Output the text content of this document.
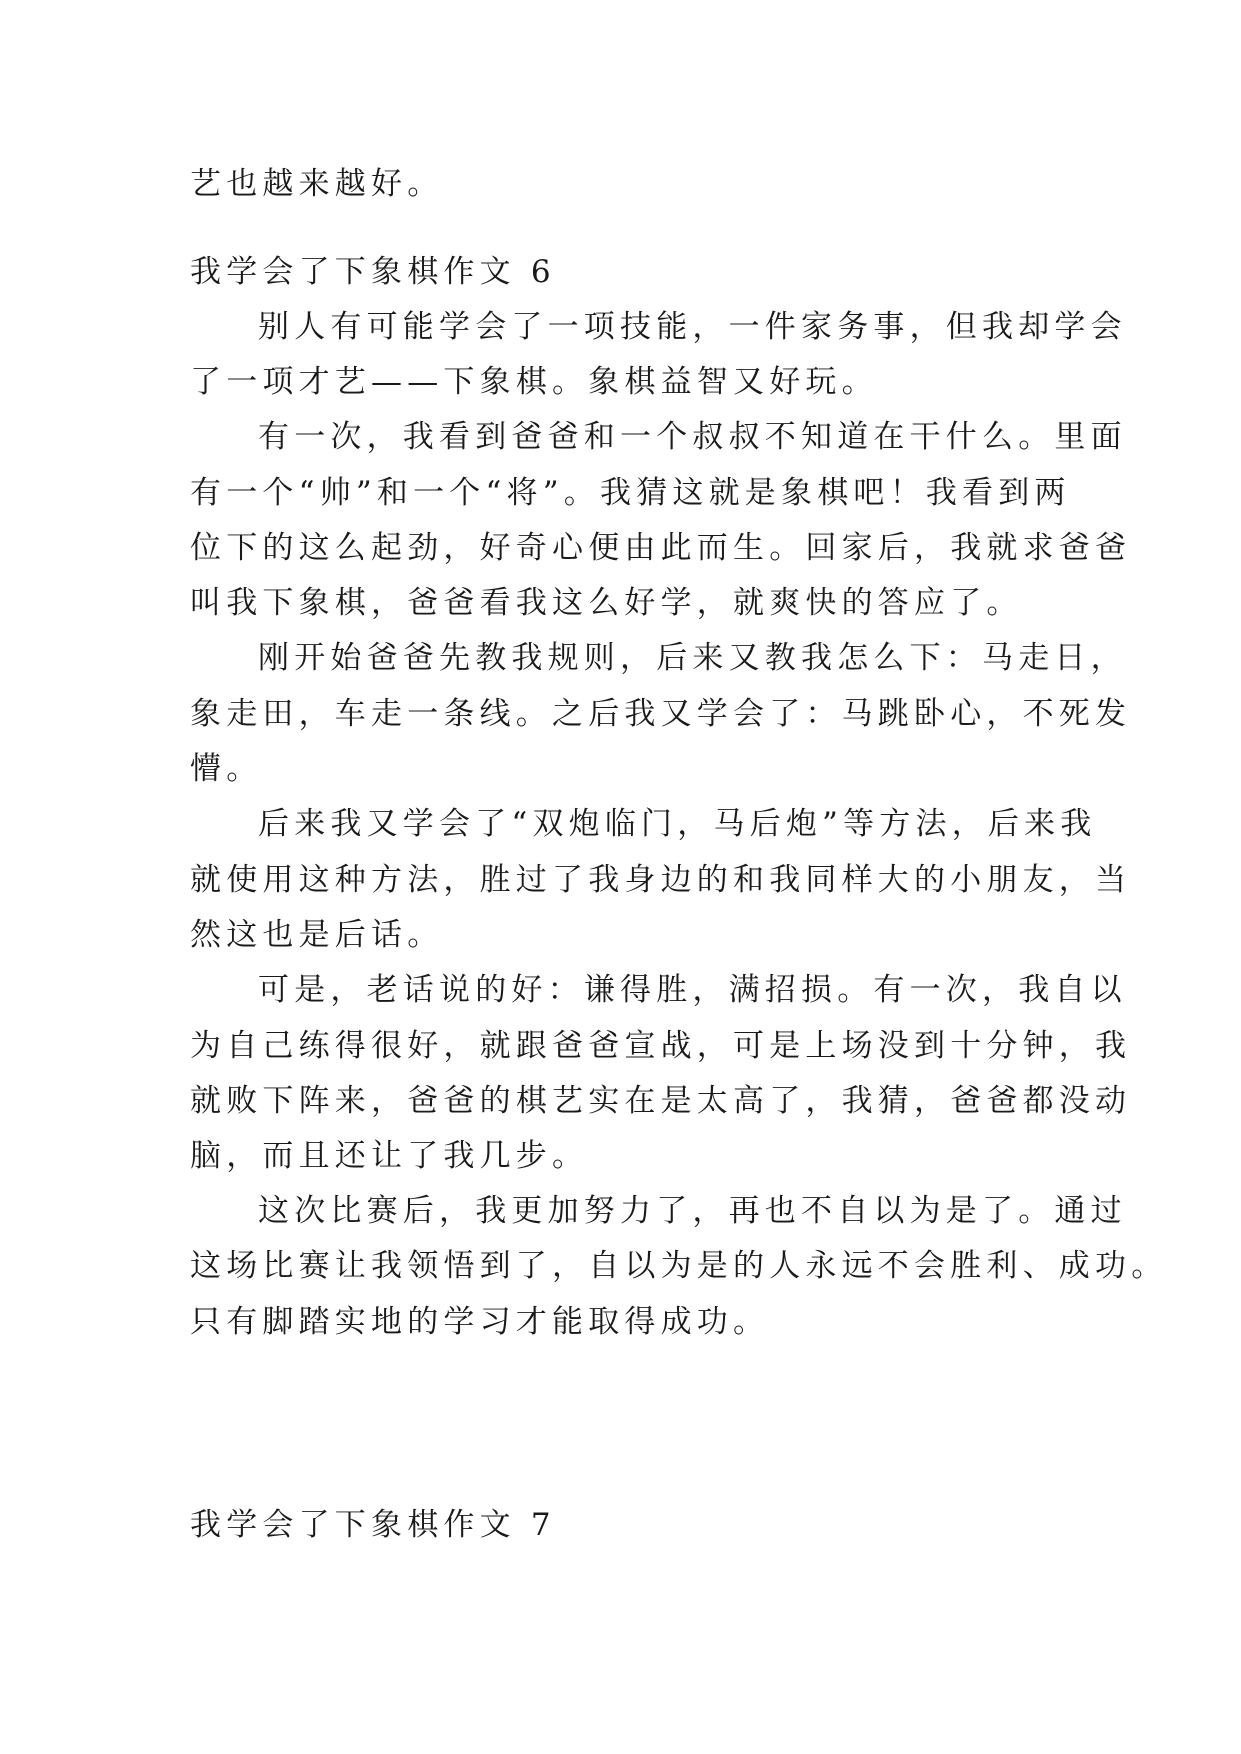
艺也越来越好。
我学会了下象棋作文 6
别人有可能学会了一项技能，一件家务事，但我却学会
了一项才艺——下象棋。象棋益智又好玩。
有一次，我看到爸爸和一个叔叔不知道在干什么。里面
有一个“帅”和一个“将”。我猜这就是象棋吧！我看到两
位下的这么起劲，好奇心便由此而生。回家后，我就求爸爸
叫我下象棋，爸爸看我这么好学，就爽快的答应了。
刚开始爸爸先教我规则，后来又教我怎么下：马走日，
象走田，车走一条线。之后我又学会了：马跳卧心，不死发
懵。
后来我又学会了“双炮临门，马后炮”等方法，后来我
就使用这种方法，胜过了我身边的和我同样大的小朋友，当
然这也是后话。
可是，老话说的好：谦得胜，满招损。有一次，我自以
为自己练得很好，就跟爸爸宣战，可是上场没到十分钟，我
就败下阵来，爸爸的棋艺实在是太高了，我猜，爸爸都没动
脑，而且还让了我几步。
这次比赛后，我更加努力了，再也不自以为是了。通过
这场比赛让我领悟到了，自以为是的人永远不会胜利、成功。
只有脚踏实地的学习才能取得成功。
我学会了下象棋作文 7
